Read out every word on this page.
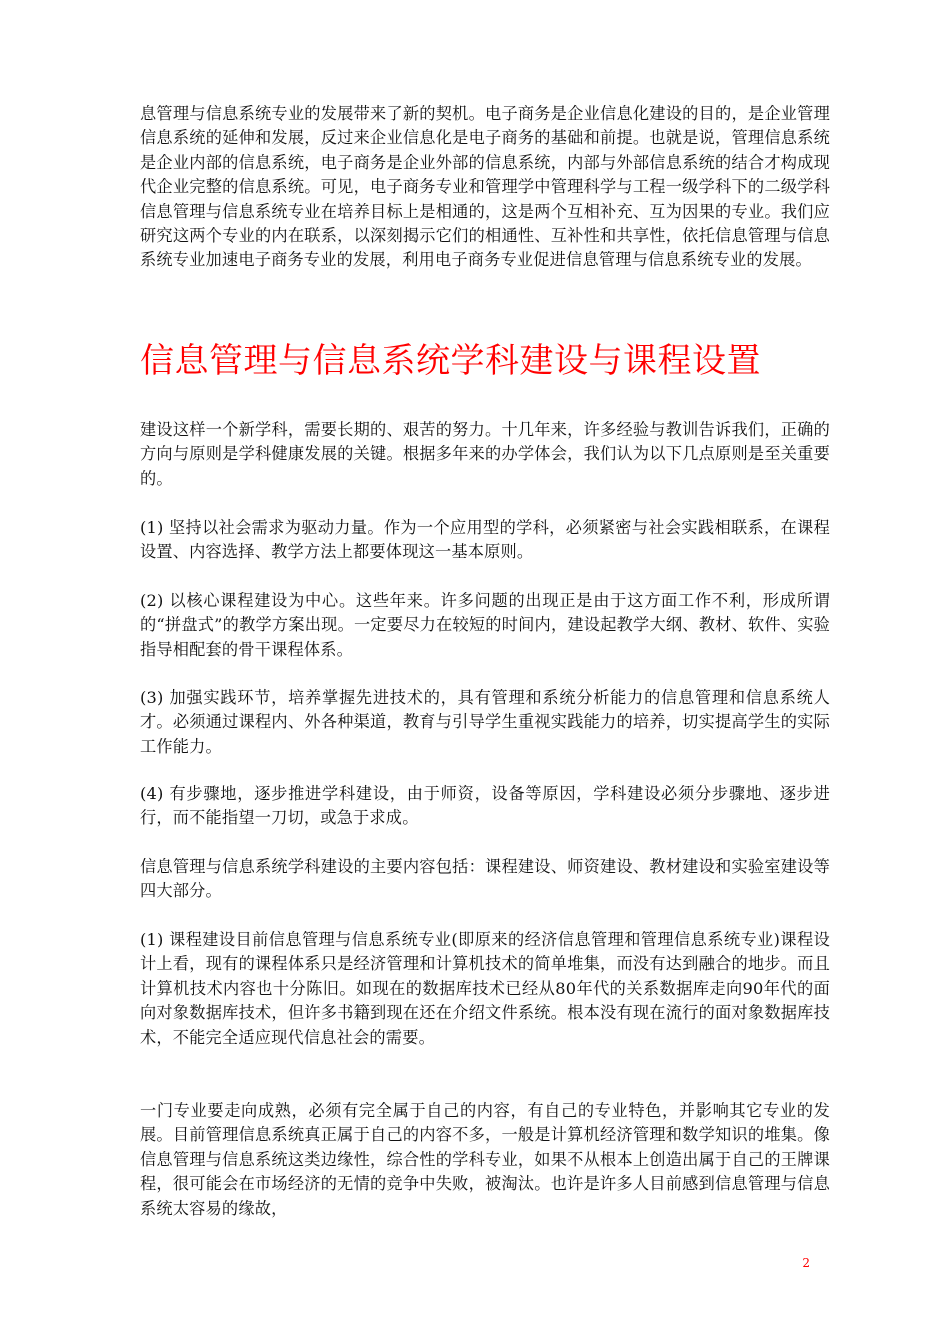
息管理与信息系统专业的发展带来了新的契机。电子商务是企业信息化建设的目的，是企业管理信息系统的延伸和发展，反过来企业信息化是电子商务的基础和前提。也就是说，管理信息系统是企业内部的信息系统，电子商务是企业外部的信息系统，内部与外部信息系统的结合才构成现代企业完整的信息系统。可见，电子商务专业和管理学中管理科学与工程一级学科下的二级学科信息管理与信息系统专业在培养目标上是相通的，这是两个互相补充、互为因果的专业。我们应研究这两个专业的内在联系，以深刻揭示它们的相通性、互补性和共享性，依托信息管理与信息系统专业加速电子商务专业的发展，利用电子商务专业促进信息管理与信息系统专业的发展。

信息管理与信息系统学科建设与课程设置

建设这样一个新学科，需要长期的、艰苦的努力。十几年来，许多经验与教训告诉我们，正确的方向与原则是学科健康发展的关键。根据多年来的办学体会，我们认为以下几点原则是至关重要的。

(1) 坚持以社会需求为驱动力量。作为一个应用型的学科，必须紧密与社会实践相联系，在课程设置、内容选择、教学方法上都要体现这一基本原则。

(2) 以核心课程建设为中心。这些年来。许多问题的出现正是由于这方面工作不利，形成所谓的“拼盘式”的教学方案出现。一定要尽力在较短的时间内，建设起教学大纲、教材、软件、实验指导相配套的骨干课程体系。

(3) 加强实践环节，培养掌握先进技术的，具有管理和系统分析能力的信息管理和信息系统人才。必须通过课程内、外各种渠道，教育与引导学生重视实践能力的培养，切实提高学生的实际工作能力。

(4) 有步骤地，逐步推进学科建设，由于师资，设备等原因，学科建设必须分步骤地、逐步进行，而不能指望一刀切，或急于求成。

信息管理与信息系统学科建设的主要内容包括：课程建设、师资建设、教材建设和实验室建设等四大部分。

(1) 课程建设目前信息管理与信息系统专业(即原来的经济信息管理和管理信息系统专业)课程设计上看，现有的课程体系只是经济管理和计算机技术的简单堆集，而没有达到融合的地步。而且计算机技术内容也十分陈旧。如现在的数据库技术已经从80年代的关系数据库走向90年代的面向对象数据库技术，但许多书籍到现在还在介绍文件系统。根本没有现在流行的面对象数据库技术，不能完全适应现代信息社会的需要。

一门专业要走向成熟，必须有完全属于自己的内容，有自己的专业特色，并影响其它专业的发展。目前管理信息系统真正属于自己的内容不多，一般是计算机经济管理和数学知识的堆集。像信息管理与信息系统这类边缘性，综合性的学科专业，如果不从根本上创造出属于自己的王牌课程，很可能会在市场经济的无情的竞争中失败，被淘汰。也许是许多人目前感到信息管理与信息系统太容易的缘故，

2
